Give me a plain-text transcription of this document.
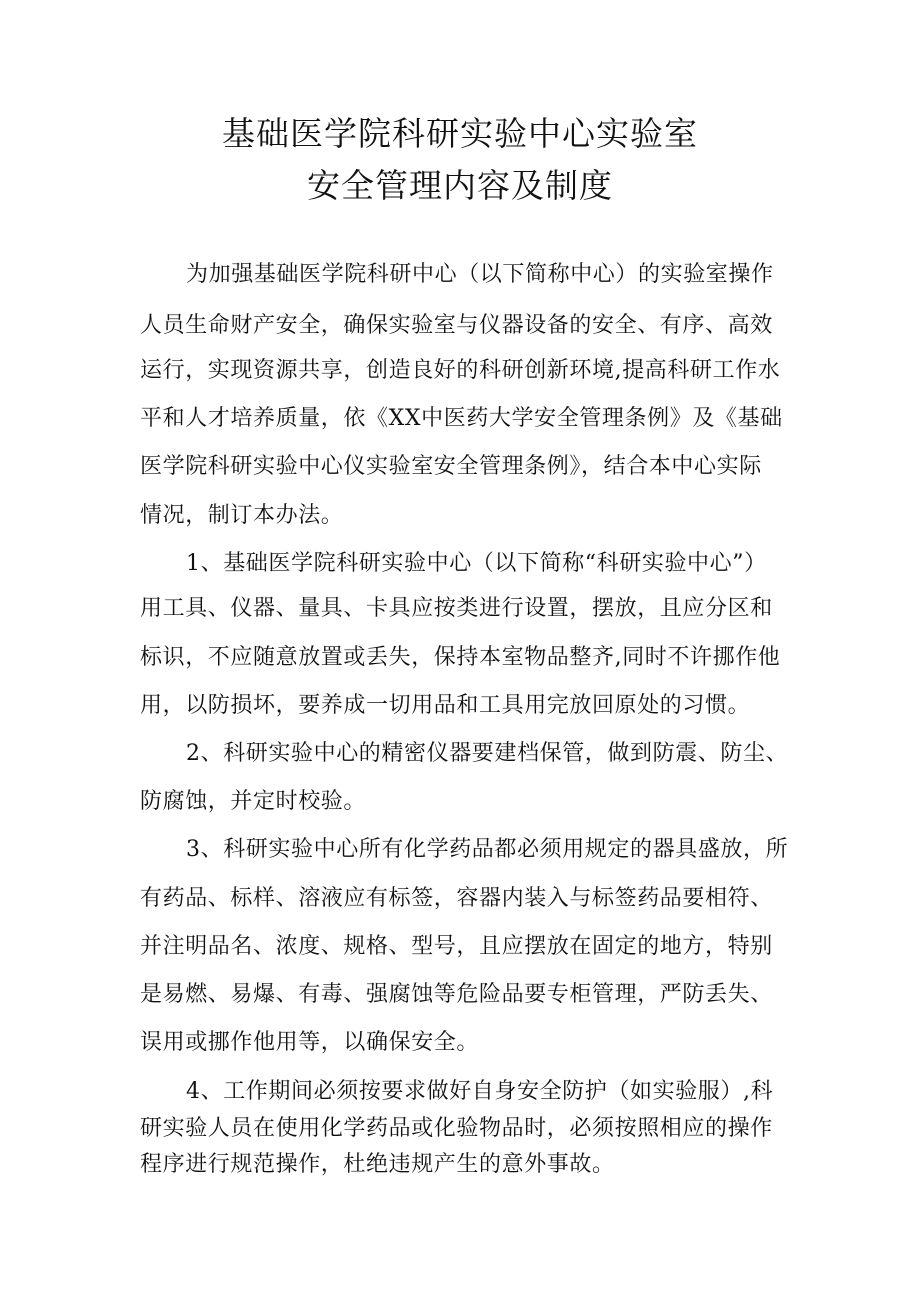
基础医学院科研实验中心实验室
安全管理内容及制度
为加强基础医学院科研中心（以下简称中心）的实验室操作
人员生命财产安全，确保实验室与仪器设备的安全、有序、高效
运行，实现资源共享，创造良好的科研创新环境,提高科研工作水
平和人才培养质量，依《XX中医药大学安全管理条例》及《基础
医学院科研实验中心仪实验室安全管理条例》，结合本中心实际
情况，制订本办法。
1、基础医学院科研实验中心（以下简称“科研实验中心”）
用工具、仪器、量具、卡具应按类进行设置，摆放，且应分区和
标识，不应随意放置或丢失，保持本室物品整齐,同时不许挪作他
用，以防损坏，要养成一切用品和工具用完放回原处的习惯。
2、科研实验中心的精密仪器要建档保管，做到防震、防尘、
防腐蚀，并定时校验。
3、科研实验中心所有化学药品都必须用规定的器具盛放，所
有药品、标样、溶液应有标签，容器内装入与标签药品要相符、
并注明品名、浓度、规格、型号，且应摆放在固定的地方，特别
是易燃、易爆、有毒、强腐蚀等危险品要专柜管理，严防丢失、
误用或挪作他用等，以确保安全。
4、工作期间必须按要求做好自身安全防护（如实验服）,科
研实验人员在使用化学药品或化验物品时，必须按照相应的操作
程序进行规范操作，杜绝违规产生的意外事故。
